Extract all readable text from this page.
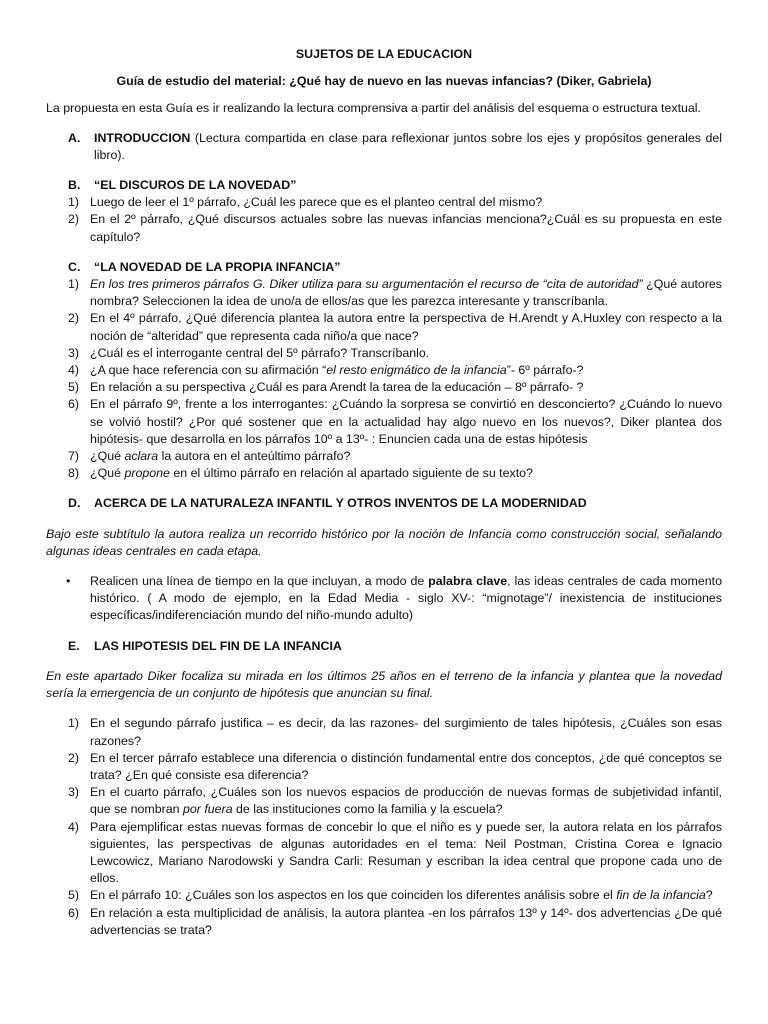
SUJETOS DE LA EDUCACION

Guía de estudio del material: ¿Qué hay de nuevo en las nuevas infancias? (Diker, Gabriela)

La propuesta en esta Guía es ir realizando la lectura comprensiva a partir del análisis del esquema o estructura textual.

A.	INTRODUCCION (Lectura compartida en clase para reflexionar juntos sobre los ejes y propósitos generales del libro).
B.	“EL DISCUROS DE LA NOVEDAD”
1) Luego de leer el 1º párrafo, ¿Cuál les parece que es el planteo central del mismo?
2) En el 2º párrafo, ¿Qué discursos actuales sobre las nuevas infancias menciona?¿Cuál es su propuesta en este capítulo?
C.	“LA NOVEDAD DE LA PROPIA INFANCIA”
1) En los tres primeros párrafos G. Diker utiliza para su argumentación el recurso de “cita de autoridad” ¿Qué autores nombra? Seleccionen la idea de uno/a de ellos/as que les parezca interesante y transcríbanla.
2) En el 4º párrafo, ¿Qué diferencia plantea la autora entre la perspectiva de H.Arendt y A.Huxley con respecto a la noción de “alteridad” que representa cada niño/a que nace?
3) ¿Cuál es el interrogante central del 5º párrafo? Transcríbanlo.
4) ¿A que hace referencia con su afirmación “el resto enigmático de la infancia”- 6º párrafo-?
5) En relación a su perspectiva ¿Cuál es para Arendt la tarea de la educación – 8º párrafo- ?
6) En el párrafo 9º, frente a los interrogantes: ¿Cuándo la sorpresa se convirtió en desconcierto? ¿Cuándo lo nuevo se volvió hostil? ¿Por qué sostener que en la actualidad hay algo nuevo en los nuevos?, Diker plantea dos hipótesis- que desarrolla en los párrafos 10º a 13º- : Enuncien cada una de estas hipótesis
7) ¿Qué aclara la autora en el anteúltimo párrafo?
8) ¿Qué propone en el último párrafo en relación al apartado siguiente de su texto?
D.	ACERCA DE LA NATURALEZA INFANTIL Y OTROS INVENTOS DE LA MODERNIDAD

Bajo este subtítulo la autora realiza un recorrido histórico por la noción de Infancia como construcción social, señalando algunas ideas centrales en cada etapa.

•	Realicen una línea de tiempo en la que incluyan, a modo de palabra clave, las ideas centrales de cada momento histórico. ( A modo de ejemplo, en la Edad Media - siglo XV-: “mignotage”/ inexistencia de instituciones específicas/indiferenciación mundo del niño-mundo adulto)
E.	LAS HIPOTESIS DEL FIN DE LA INFANCIA

En este apartado Diker focaliza su mirada en los últimos 25 años en el terreno de la infancia y plantea que la novedad sería la emergencia de un conjunto de hipótesis que anuncian su final.

1) En el segundo párrafo justifica – es decir, da las razones- del surgimiento de tales hipótesis, ¿Cuáles son esas razones?
2) En el tercer párrafo establece una diferencia o distinción fundamental entre dos conceptos, ¿de qué conceptos se trata? ¿En qué consiste esa diferencia?
3) En el cuarto párrafo, ¿Cuáles son los nuevos espacios de producción de nuevas formas de subjetividad infantil, que se nombran por fuera de las instituciones como la familia y la escuela?
4) Para ejemplificar estas nuevas formas de concebir lo que el niño es y puede ser, la autora relata en los párrafos siguientes, las perspectivas de algunas autoridades en el tema: Neil Postman, Cristina Corea e Ignacio Lewcowicz, Mariano Narodowski y Sandra Carli: Resuman y escriban la idea central que propone cada uno de ellos.
5) En el párrafo 10: ¿Cuáles son los aspectos en los que coinciden los diferentes análisis sobre el fin de la infancia?
6) En relación a esta multiplicidad de análisis, la autora plantea -en los párrafos 13º y 14º- dos advertencias ¿De qué advertencias se trata?
